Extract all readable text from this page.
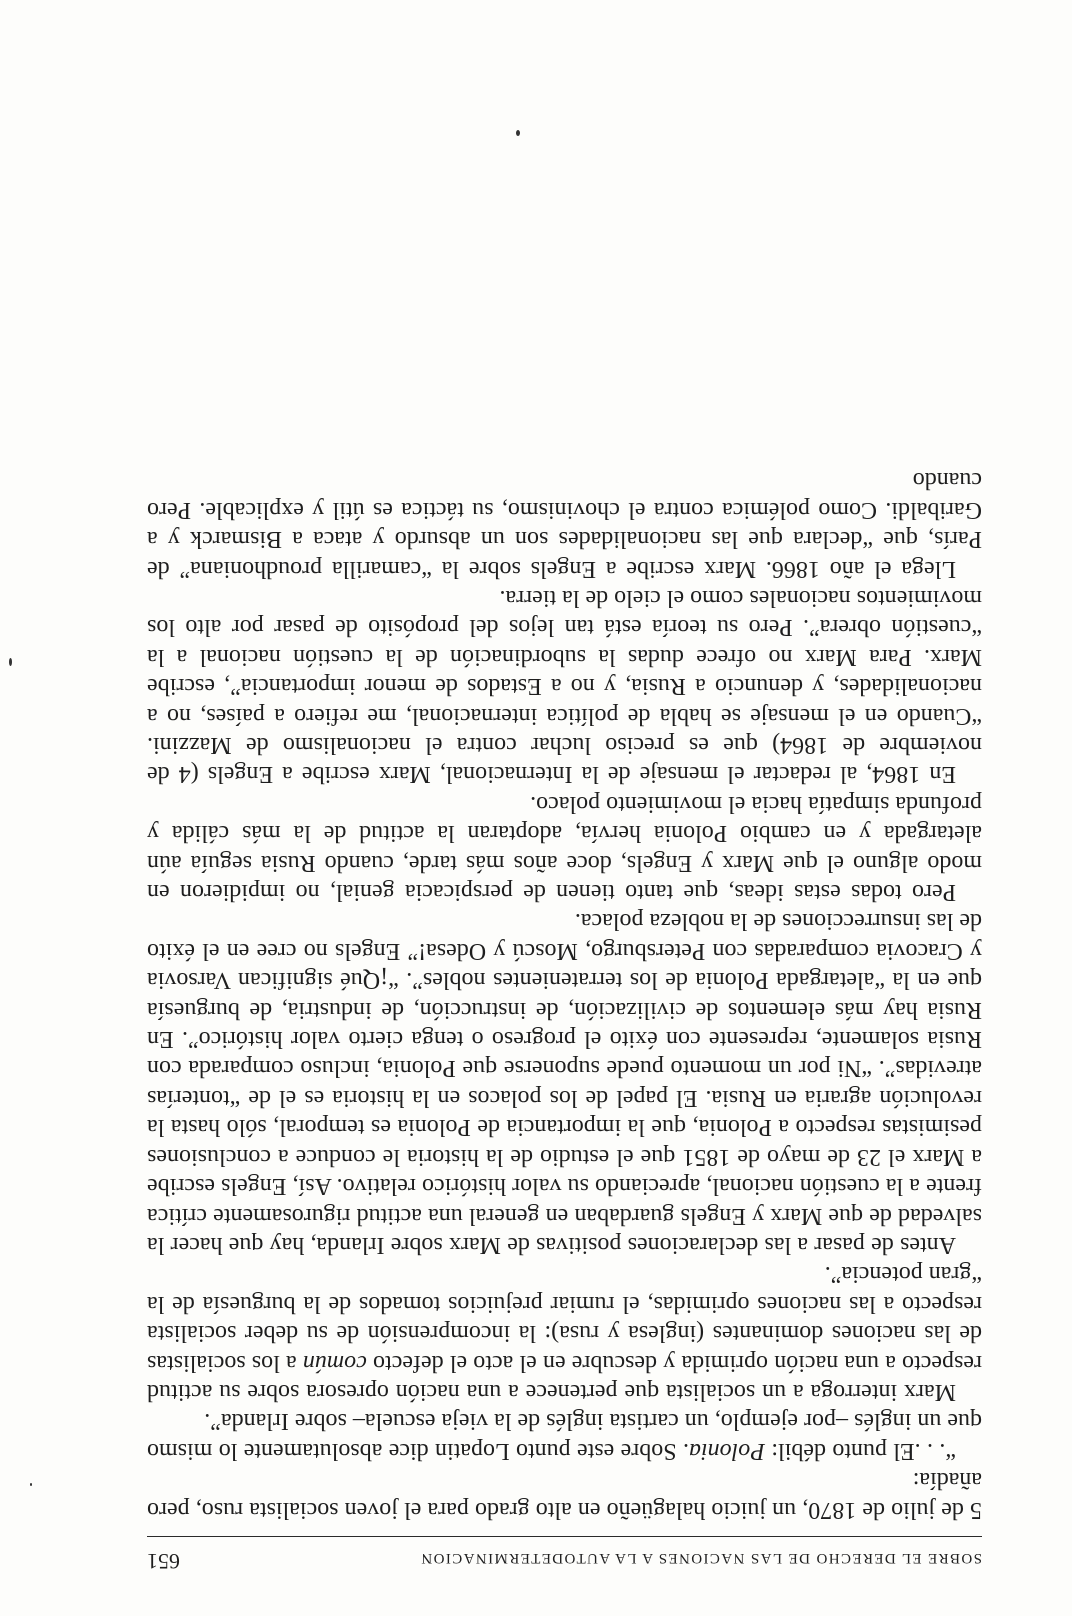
SOBRE EL DERECHO DE LAS NACIONES A LA AUTODETERMINACION
651

5 de julio de 1870, un juicio halagüeño en alto grado para el joven socialista ruso, pero añadía:

“. . .El punto débil: Polonia. Sobre este punto Lopatin dice absolutamente lo mismo que un inglés –por ejemplo, un cartista inglés de la vieja escuela– sobre Irlanda”.

Marx interroga a un socialista que pertenece a una nación opresora sobre su actitud respecto a una nación oprimida y descubre en el acto el defecto común a los socialistas de las naciones dominantes (inglesa y rusa): la incomprensión de su deber socialista respecto a las naciones oprimidas, el rumiar prejuicios tomados de la burguesía de la “gran potencia”.

Antes de pasar a las declaraciones positivas de Marx sobre Irlanda, hay que hacer la salvedad de que Marx y Engels guardaban en general una actitud rigurosamente crítica frente a la cuestión nacional, apreciando su valor histórico relativo. Así, Engels escribe a Marx el 23 de mayo de 1851 que el estudio de la historia le conduce a conclusiones pesimistas respecto a Polonia, que la importancia de Polonia es temporal, sólo hasta la revolución agraria en Rusia. El papel de los polacos en la historia es el de “tonterías atrevidas”. “Ni por un momento puede suponerse que Polonia, incluso comparada con Rusia solamente, represente con éxito el progreso o tenga cierto valor histórico”. En Rusia hay más elementos de civilización, de instrucción, de industria, de burguesía que en la “aletargada Polonia de los terratenientes nobles”. “¡Qué significan Varsovia y Cracovia comparadas con Petersburgo, Moscú y Odesa!” Engels no cree en el éxito de las insurrecciones de la nobleza polaca.

Pero todas estas ideas, que tanto tienen de perspicacia genial, no impidieron en modo alguno el que Marx y Engels, doce años más tarde, cuando Rusia seguía aún aletargada y en cambio Polonia hervía, adoptaran la actitud de la más cálida y profunda simpatía hacia el movimiento polaco.

En 1864, al redactar el mensaje de la Internacional, Marx escribe a Engels (4 de noviembre de 1864) que es preciso luchar contra el nacionalismo de Mazzini. “Cuando en el mensaje se habla de política internacional, me refiero a países, no a nacionalidades, y denuncio a Rusia, y no a Estados de menor importancia”, escribe Marx. Para Marx no ofrece dudas la subordinación de la cuestión nacional a la “cuestión obrera”. Pero su teoría está tan lejos del propósito de pasar por alto los movimientos nacionales como el cielo de la tierra.

Llega el año 1866. Marx escribe a Engels sobre la “camarilla proudhoniana” de París, que “declara que las nacionalidades son un absurdo y ataca a Bismarck y a Garibaldi. Como polémica contra el chovinismo, su táctica es útil y explicable. Pero cuando
